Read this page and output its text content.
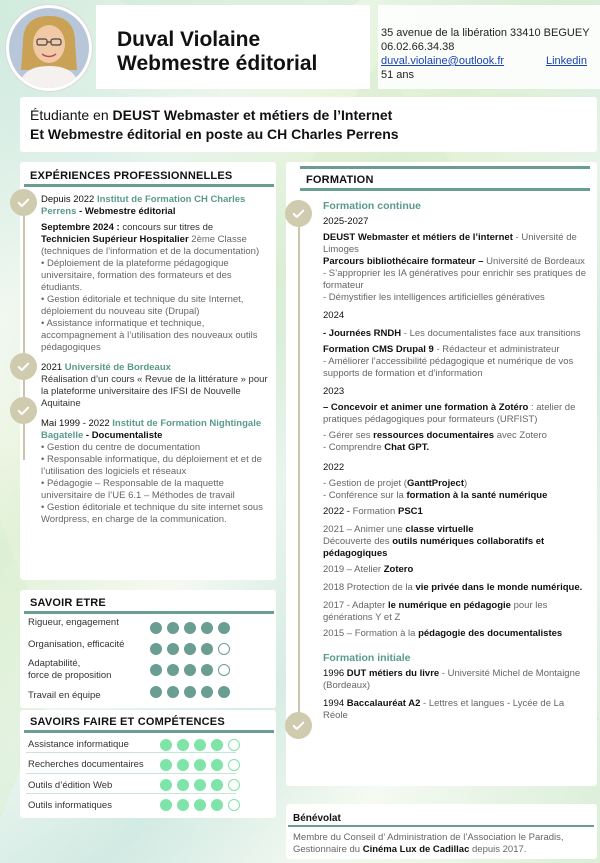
Duval Violaine
Webmestre éditorial
35 avenue de la libération 33410 BEGUEY
06.02.66.34.38
duval.violaine@outlook.fr	Linkedin
51 ans
Étudiante en DEUST Webmaster et métiers de l’Internet
Et Webmestre éditorial en poste au CH Charles Perrens
EXPÉRIENCES PROFESSIONNELLES

Depuis 2022 Institut de Formation CH Charles Perrens - Webmestre éditorial

Septembre 2024 : concours sur titres de

Technicien Supérieur Hospitalier 2ème Classe (techniques de l’information et de la documentation)

• Déploiement de la plateforme pédagogique universitaire, formation des formateurs et des étudiants.

• Gestion éditoriale et technique du site Internet, déploiement du nouveau site (Drupal)

• Assistance informatique et technique, accompagnement à l’utilisation des nouveaux outils pédagogiques

2021 Université de Bordeaux

Réalisation d’un cours « Revue de la littérature » pour la plateforme universitaire des IFSI de Nouvelle Aquitaine

Mai 1999 - 2022 Institut de Formation Nightingale Bagatelle - Documentaliste

• Gestion du centre de documentation

• Responsable informatique, du déploiement et et de l’utilisation des logiciels et réseaux

• Pédagogie – Responsable de la maquette universitaire de l’UE 6.1 – Méthodes de travail

• Gestion éditoriale et technique du site internet sous Wordpress, en charge de la communication.

SAVOIR ETRE
Rigueur, engagement
Organisation, efficacité
Adaptabilité,
force de proposition
Travail en équipe
SAVOIRS FAIRE ET COMPÉTENCES
Assistance informatique
Recherches documentaires
Outils d’édition Web
Outils informatiques
FORMATION

Formation continue

2025-2027

DEUST Webmaster et métiers de l’internet - Université de Limoges

Parcours bibliothécaire formateur – Université de Bordeaux

- S’approprier les IA génératives pour enrichir ses pratiques de formateur

- Démystifier les intelligences artificielles génératives

2024

- Journées RNDH - Les documentalistes face aux transitions

Formation CMS Drupal 9 - Rédacteur et administrateur

- Améliorer l’accessibilité pédagogique et numérique de vos supports de formation et d’information

2023

– Concevoir et animer une formation à Zotéro : atelier de pratiques pédagogiques pour formateurs (URFIST)

- Gérer ses ressources documentaires avec Zotero

- Comprendre Chat GPT.

2022

- Gestion de projet (GanttProject)

- Conférence sur la formation à la santé numérique

2022 - Formation PSC1

2021 – Animer une classe virtuelle

Découverte des outils numériques collaboratifs et pédagogiques

2019 – Atelier Zotero

2018 Protection de la vie privée dans le monde numérique.

2017 - Adapter le numérique en pédagogie pour les générations Y et Z

2015 – Formation à la pédagogie des documentalistes

Formation initiale

1996 DUT métiers du livre - Université Michel de Montaigne (Bordeaux)

1994 Baccalauréat A2 - Lettres et langues - Lycée de La Réole

Bénévolat

Membre du Conseil d’ Administration de l’Association le Paradis,

Gestionnaire du Cinéma Lux de Cadillac depuis 2017.
